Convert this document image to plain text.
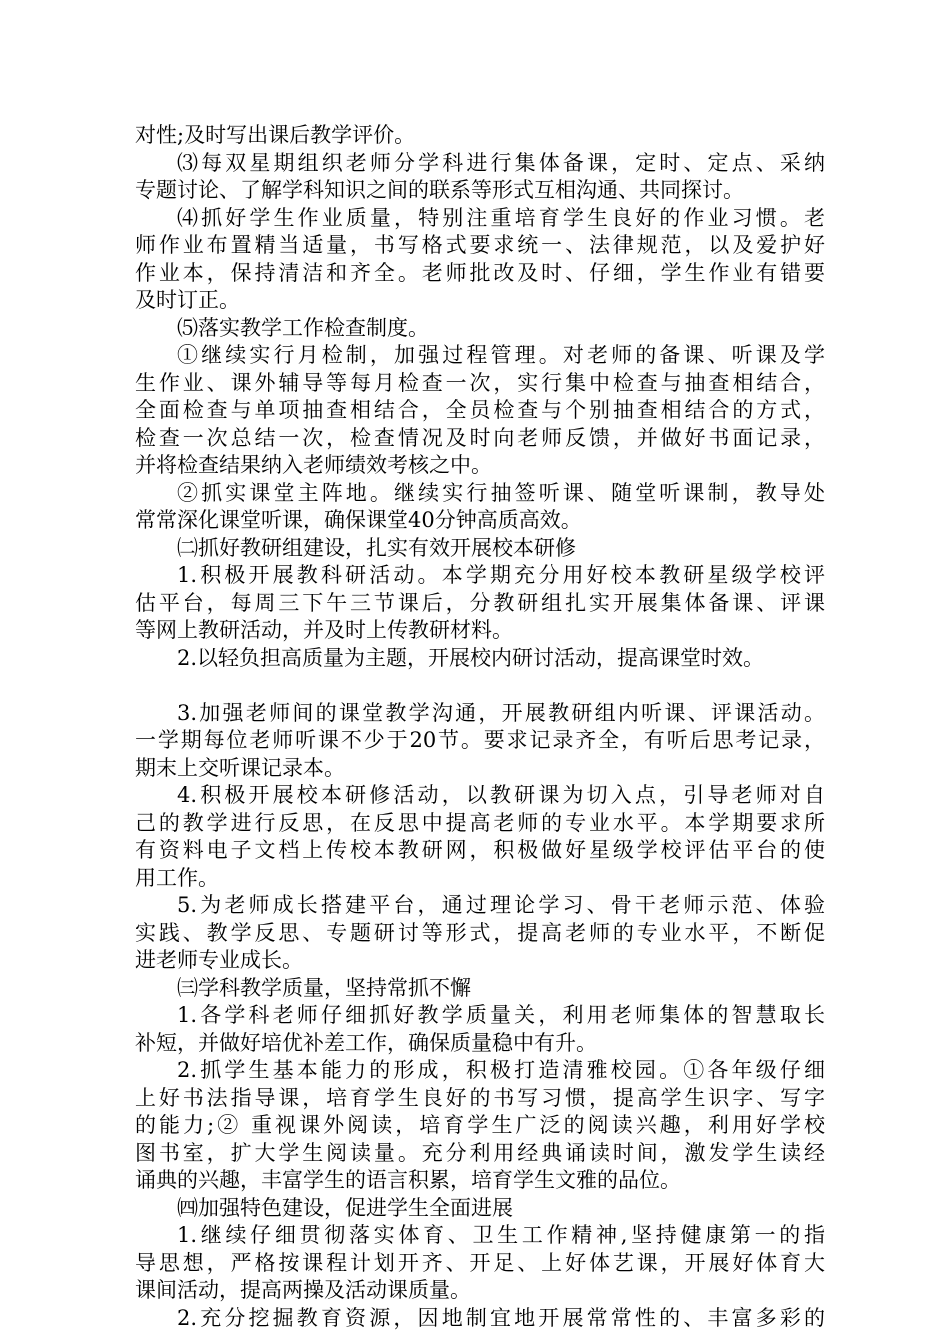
对性;及时写出课后教学评价。
⑶每双星期组织老师分学科进行集体备课，定时、定点、采纳
专题讨论、了解学科知识之间的联系等形式互相沟通、共同探讨。
⑷抓好学生作业质量，特别注重培育学生良好的作业习惯。老
师作业布置精当适量，书写格式要求统一、法律规范，以及爱护好
作业本，保持清洁和齐全。老师批改及时、仔细，学生作业有错要
及时订正。
⑸落实教学工作检查制度。
①继续实行月检制，加强过程管理。对老师的备课、听课及学
生作业、课外辅导等每月检查一次，实行集中检查与抽查相结合，
全面检查与单项抽查相结合，全员检查与个别抽查相结合的方式，
检查一次总结一次，检查情况及时向老师反馈，并做好书面记录，
并将检查结果纳入老师绩效考核之中。
②抓实课堂主阵地。继续实行抽签听课、随堂听课制，教导处
常常深化课堂听课，确保课堂40分钟高质高效。
㈡抓好教研组建设，扎实有效开展校本研修
1.积极开展教科研活动。本学期充分用好校本教研星级学校评
估平台，每周三下午三节课后，分教研组扎实开展集体备课、评课
等网上教研活动，并及时上传教研材料。
2.以轻负担高质量为主题，开展校内研讨活动，提高课堂时效。
3.加强老师间的课堂教学沟通，开展教研组内听课、评课活动。
一学期每位老师听课不少于20节。要求记录齐全，有听后思考记录，
期末上交听课记录本。
4.积极开展校本研修活动，以教研课为切入点，引导老师对自
己的教学进行反思，在反思中提高老师的专业水平。本学期要求所
有资料电子文档上传校本教研网，积极做好星级学校评估平台的使
用工作。
5.为老师成长搭建平台，通过理论学习、骨干老师示范、体验
实践、教学反思、专题研讨等形式，提高老师的专业水平，不断促
进老师专业成长。
㈢学科教学质量，坚持常抓不懈
1.各学科老师仔细抓好教学质量关，利用老师集体的智慧取长
补短，并做好培优补差工作，确保质量稳中有升。
2.抓学生基本能力的形成，积极打造清雅校园。①各年级仔细
上好书法指导课，培育学生良好的书写习惯，提高学生识字、写字
的能力;② 重视课外阅读，培育学生广泛的阅读兴趣，利用好学校
图书室，扩大学生阅读量。充分利用经典诵读时间，激发学生读经
诵典的兴趣，丰富学生的语言积累，培育学生文雅的品位。
㈣加强特色建设，促进学生全面进展
1.继续仔细贯彻落实体育、卫生工作精神,坚持健康第一的指
导思想，严格按课程计划开齐、开足、上好体艺课，开展好体育大
课间活动，提高两操及活动课质量。
2.充分挖掘教育资源，因地制宜地开展常常性的、丰富多彩的
